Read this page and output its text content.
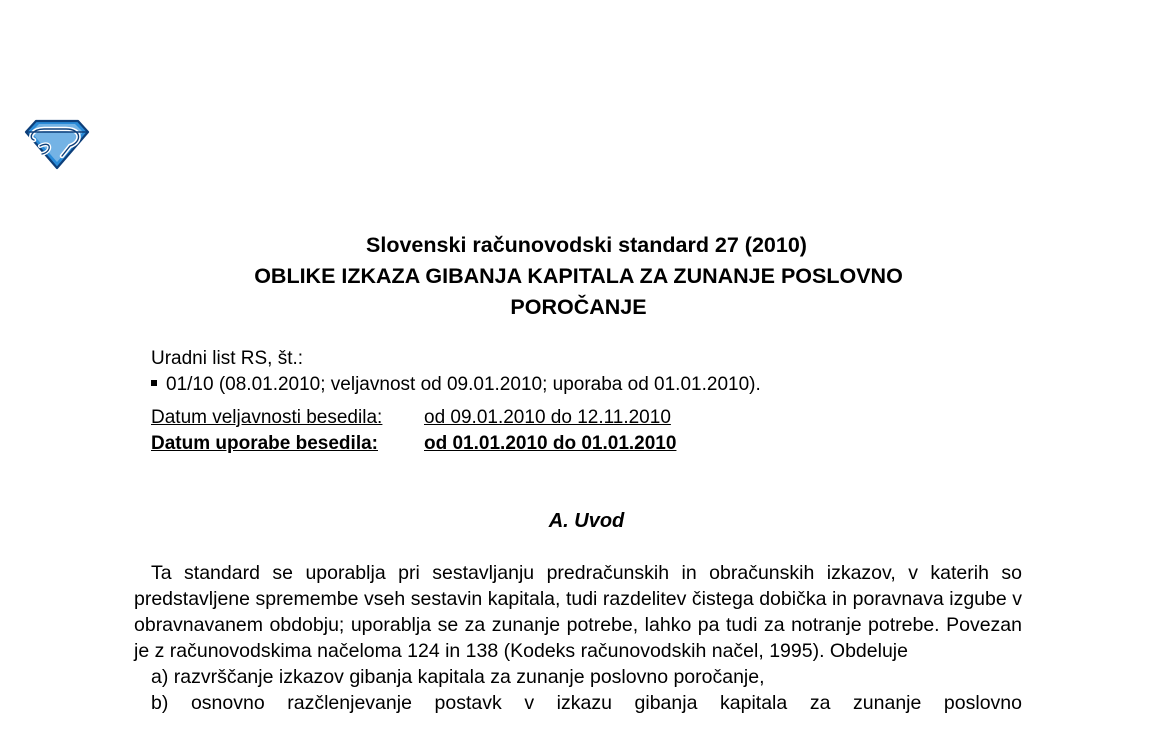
Slovenski računovodski standard 27 (2010)
OBLIKE IZKAZA GIBANJA KAPITALA ZA ZUNANJE POSLOVNO
POROČANJE
Uradni list RS, št.:
01/10 (08.01.2010; veljavnost od 09.01.2010; uporaba od 01.01.2010).
Datum veljavnosti besedila: od 09.01.2010 do 12.11.2010
Datum uporabe besedila: od 01.01.2010 do 01.01.2010
A. Uvod

Ta standard se uporablja pri sestavljanju predračunskih in obračunskih izkazov, v katerih so predstavljene spremembe vseh sestavin kapitala, tudi razdelitev čistega dobička in poravnava izgube v obravnavanem obdobju; uporablja se za zunanje potrebe, lahko pa tudi za notranje potrebe. Povezan je z računovodskima načeloma 124 in 138 (Kodeks računovodskih načel, 1995). Obdeluje

a) razvrščanje izkazov gibanja kapitala za zunanje poslovno poročanje,

b) osnovno razčlenjevanje postavk v izkazu gibanja kapitala za zunanje poslovno
